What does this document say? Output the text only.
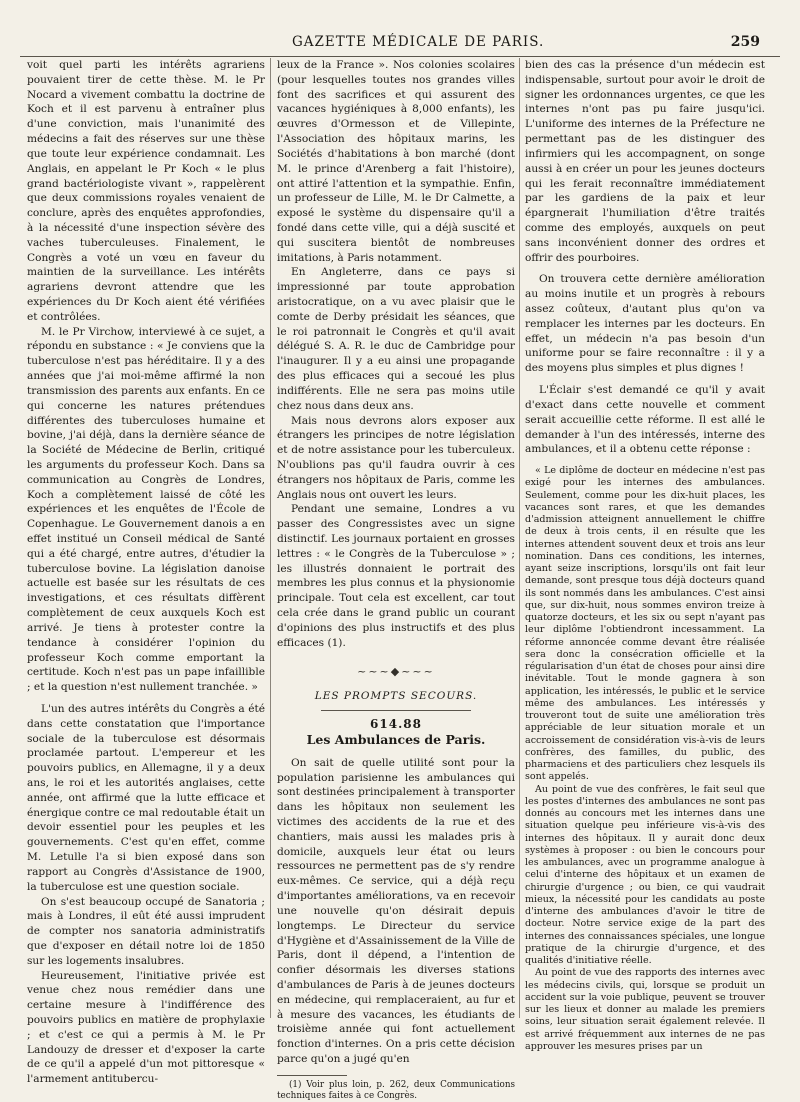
GAZETTE MÉDICALE DE PARIS.	259

voit quel parti les intérêts agrariens pouvaient tirer de cette thèse. M. le Pr Nocard a vivement combattu la doctrine de Koch et il est parvenu à entraîner plus d'une conviction, mais l'unanimité des médecins a fait des réserves sur une thèse que toute leur expérience condamnait. Les Anglais, en appelant le Pr Koch « le plus grand bactériologiste vivant », rappelèrent que deux commissions royales venaient de conclure, après des enquêtes approfondies, à la nécessité d'une inspection sévère des vaches tuberculeuses. Finalement, le Congrès a voté un vœu en faveur du maintien de la surveillance. Les intérêts agrariens devront attendre que les expériences du Dr Koch aient été vérifiées et contrôlées.

M. le Pr Virchow, interviewé à ce sujet, a répondu en substance : « Je conviens que la tuberculose n'est pas héréditaire. Il y a des années que j'ai moi-même affirmé la non transmission des parents aux enfants. En ce qui concerne les natures prétendues différentes des tuberculoses humaine et bovine, j'ai déjà, dans la dernière séance de la Société de Médecine de Berlin, critiqué les arguments du professeur Koch. Dans sa communication au Congrès de Londres, Koch a complètement laissé de côté les expériences et les enquêtes de l'École de Copenhague. Le Gouvernement danois a en effet institué un Conseil médical de Santé qui a été chargé, entre autres, d'étudier la tuberculose bovine. La législation danoise actuelle est basée sur les résultats de ces investigations, et ces résultats diffèrent complètement de ceux auxquels Koch est arrivé. Je tiens à protester contre la tendance à considérer l'opinion du professeur Koch comme emportant la certitude. Koch n'est pas un pape infaillible ; et la question n'est nullement tranchée. »

L'un des autres intérêts du Congrès a été dans cette constatation que l'importance sociale de la tuberculose est désormais proclamée partout. L'empereur et les pouvoirs publics, en Allemagne, il y a deux ans, le roi et les autorités anglaises, cette année, ont affirmé que la lutte efficace et énergique contre ce mal redoutable était un devoir essentiel pour les peuples et les gouvernements. C'est qu'en effet, comme M. Letulle l'a si bien exposé dans son rapport au Congrès d'Assistance de 1900, la tuberculose est une question sociale.

On s'est beaucoup occupé de Sanatoria ; mais à Londres, il eût été aussi imprudent de compter nos sanatoria administratifs que d'exposer en détail notre loi de 1850 sur les logements insalubres.

Heureusement, l'initiative privée est venue chez nous remédier dans une certaine mesure à l'indifférence des pouvoirs publics en matière de prophylaxie ; et c'est ce qui a permis à M. le Pr Landouzy de dresser et d'exposer la carte de ce qu'il a appelé d'un mot pittoresque « l'armement antitubercu-

leux de la France ». Nos colonies scolaires (pour lesquelles toutes nos grandes villes font des sacrifices et qui assurent des vacances hygiéniques à 8,000 enfants), les œuvres d'Ormesson et de Villepinte, l'Association des hôpitaux marins, les Sociétés d'habitations à bon marché (dont M. le prince d'Arenberg a fait l'histoire), ont attiré l'attention et la sympathie. Enfin, un professeur de Lille, M. le Dr Calmette, a exposé le système du dispensaire qu'il a fondé dans cette ville, qui a déjà suscité et qui suscitera bientôt de nombreuses imitations, à Paris notamment.

En Angleterre, dans ce pays si impressionné par toute approbation aristocratique, on a vu avec plaisir que le comte de Derby présidait les séances, que le roi patronnait le Congrès et qu'il avait délégué S. A. R. le duc de Cambridge pour l'inaugurer. Il y a eu ainsi une propagande des plus efficaces qui a secoué les plus indifférents. Elle ne sera pas moins utile chez nous dans deux ans.

Mais nous devrons alors exposer aux étrangers les principes de notre législation et de notre assistance pour les tuberculeux. N'oublions pas qu'il faudra ouvrir à ces étrangers nos hôpitaux de Paris, comme les Anglais nous ont ouvert les leurs.

Pendant une semaine, Londres a vu passer des Congressistes avec un signe distinctif. Les journaux portaient en grosses lettres : « le Congrès de la Tuberculose » ; les illustrés donnaient le portrait des membres les plus connus et la physionomie principale. Tout cela est excellent, car tout cela crée dans le grand public un courant d'opinions des plus instructifs et des plus efficaces (1).

~~~◆~~~
LES PROMPTS SECOURS.
614.88
Les Ambulances de Paris.

On sait de quelle utilité sont pour la population parisienne les ambulances qui sont destinées principalement à transporter dans les hôpitaux non seulement les victimes des accidents de la rue et des chantiers, mais aussi les malades pris à domicile, auxquels leur état ou leurs ressources ne permettent pas de s'y rendre eux-mêmes. Ce service, qui a déjà reçu d'importantes améliorations, va en recevoir une nouvelle qu'on désirait depuis longtemps. Le Directeur du service d'Hygiène et d'Assainissement de la Ville de Paris, dont il dépend, a l'intention de confier désormais les diverses stations d'ambulances de Paris à de jeunes docteurs en médecine, qui remplaceraient, au fur et à mesure des vacances, les étudiants de troisième année qui font actuellement fonction d'internes. On a pris cette décision parce qu'on a jugé qu'en

(1) Voir plus loin, p. 262, deux Communications techniques faites à ce Congrès.

bien des cas la présence d'un médecin est indispensable, surtout pour avoir le droit de signer les ordonnances urgentes, ce que les internes n'ont pas pu faire jusqu'ici. L'uniforme des internes de la Préfecture ne permettant pas de les distinguer des infirmiers qui les accompagnent, on songe aussi à en créer un pour les jeunes docteurs qui les ferait reconnaître immédiatement par les gardiens de la paix et leur épargnerait l'humiliation d'être traités comme des employés, auxquels on peut sans inconvénient donner des ordres et offrir des pourboires.

On trouvera cette dernière amélioration au moins inutile et un progrès à rebours assez coûteux, d'autant plus qu'on va remplacer les internes par les docteurs. En effet, un médecin n'a pas besoin d'un uniforme pour se faire reconnaître : il y a des moyens plus simples et plus dignes !

L'Éclair s'est demandé ce qu'il y avait d'exact dans cette nouvelle et comment serait accueillie cette réforme. Il est allé le demander à l'un des intéressés, interne des ambulances, et il a obtenu cette réponse :

« Le diplôme de docteur en médecine n'est pas exigé pour les internes des ambulances. Seulement, comme pour les dix-huit places, les vacances sont rares, et que les demandes d'admission atteignent annuellement le chiffre de deux à trois cents, il en résulte que les internes attendent souvent deux et trois ans leur nomination. Dans ces conditions, les internes, ayant seize inscriptions, lorsqu'ils ont fait leur demande, sont presque tous déjà docteurs quand ils sont nommés dans les ambulances. C'est ainsi que, sur dix-huit, nous sommes environ treize à quatorze docteurs, et les six ou sept n'ayant pas leur diplôme l'obtiendront incessamment. La réforme annoncée comme devant être réalisée sera donc la consécration officielle et la régularisation d'un état de choses pour ainsi dire inévitable. Tout le monde gagnera à son application, les intéressés, le public et le service même des ambulances. Les intéressés y trouveront tout de suite une amélioration très appréciable de leur situation morale et un accroissement de considération vis-à-vis de leurs confrères, des familles, du public, des pharmaciens et des particuliers chez lesquels ils sont appelés.

Au point de vue des confrères, le fait seul que les postes d'internes des ambulances ne sont pas donnés au concours met les internes dans une situation quelque peu inférieure vis-à-vis des internes des hôpitaux. Il y aurait donc deux systèmes à proposer : ou bien le concours pour les ambulances, avec un programme analogue à celui d'interne des hôpitaux et un examen de chirurgie d'urgence ; ou bien, ce qui vaudrait mieux, la nécessité pour les candidats au poste d'interne des ambulances d'avoir le titre de docteur. Notre service exige de la part des internes des connaissances spéciales, une longue pratique de la chirurgie d'urgence, et des qualités d'initiative réelle.

Au point de vue des rapports des internes avec les médecins civils, qui, lorsque se produit un accident sur la voie publique, peuvent se trouver sur les lieux et donner au malade les premiers soins, leur situation serait également relevée. Il est arrivé fréquemment aux internes de ne pas approuver les mesures prises par un
